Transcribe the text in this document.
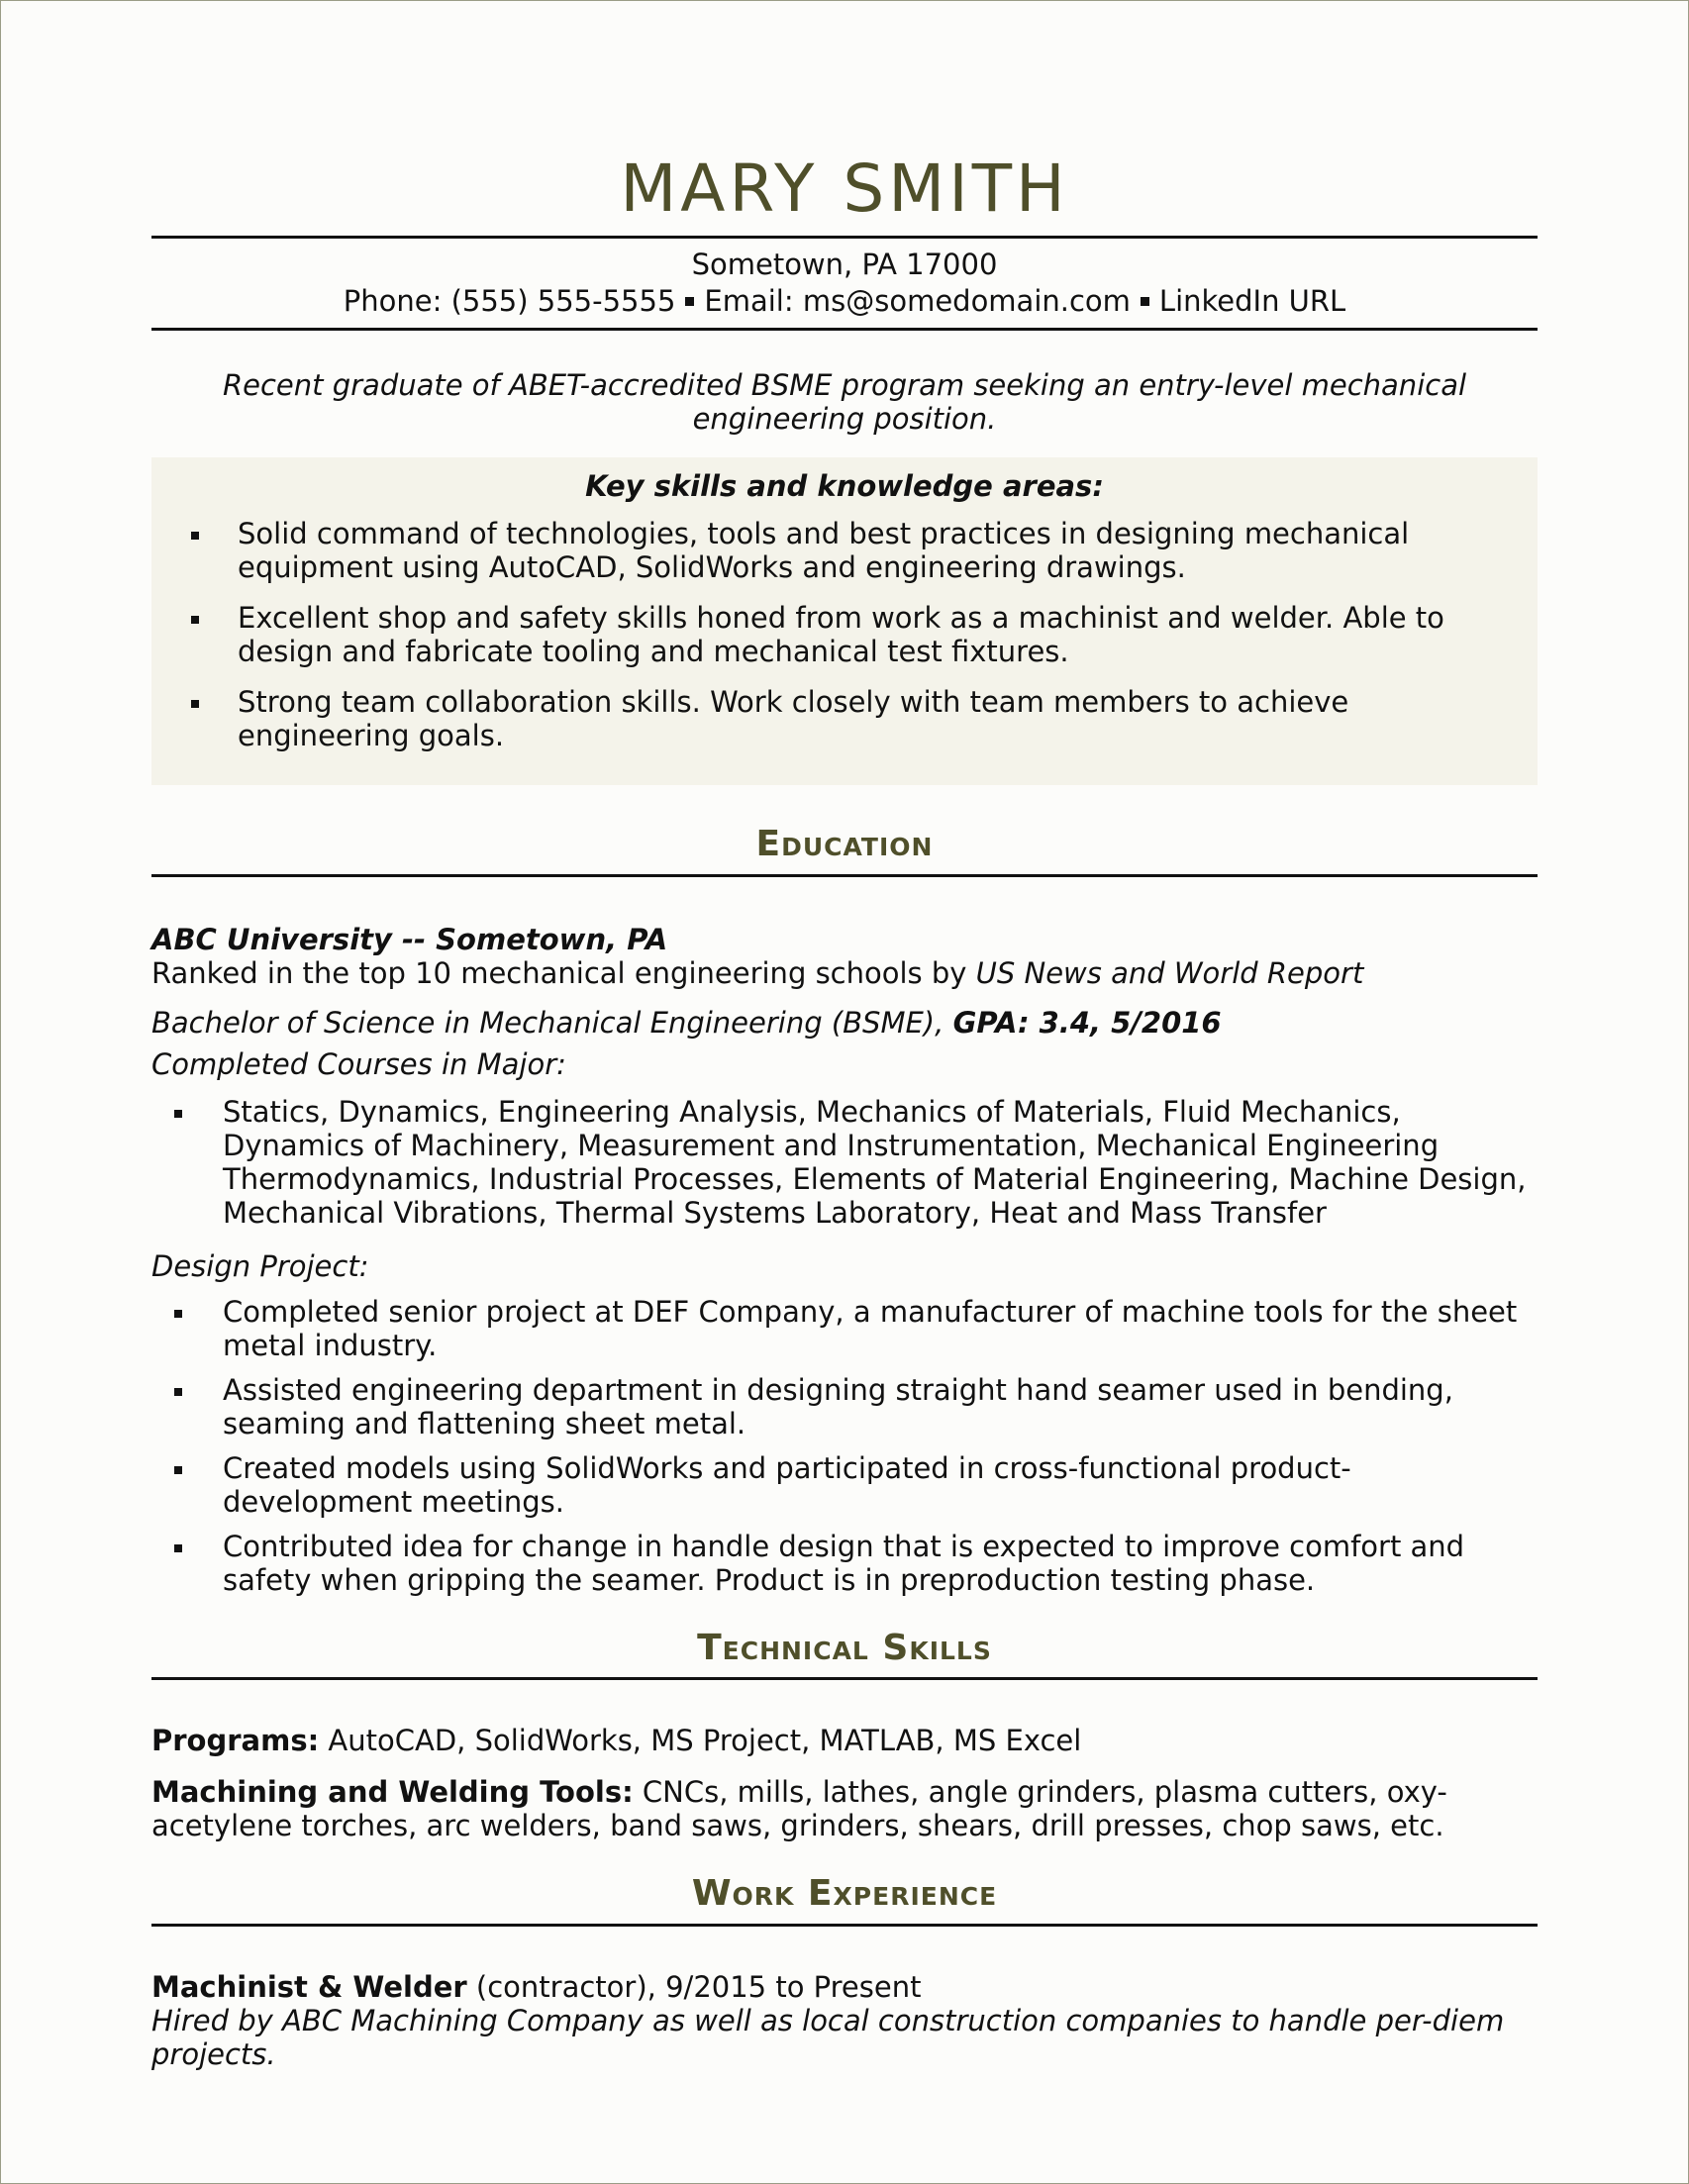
MARY SMITH
Sometown, PA 17000
Phone: (555) 555-5555 Email: ms@somedomain.com LinkedIn URL
Recent graduate of ABET-accredited BSME program seeking an entry-level mechanical engineering position.
Key skills and knowledge areas:
Solid command of technologies, tools and best practices in designing mechanical equipment using AutoCAD, SolidWorks and engineering drawings.
Excellent shop and safety skills honed from work as a machinist and welder. Able to design and fabricate tooling and mechanical test fixtures.
Strong team collaboration skills. Work closely with team members to achieve engineering goals.
Education
ABC University -- Sometown, PA
Ranked in the top 10 mechanical engineering schools by US News and World Report
Bachelor of Science in Mechanical Engineering (BSME), GPA: 3.4, 5/2016
Completed Courses in Major:
Statics, Dynamics, Engineering Analysis, Mechanics of Materials, Fluid Mechanics, Dynamics of Machinery, Measurement and Instrumentation, Mechanical Engineering Thermodynamics, Industrial Processes, Elements of Material Engineering, Machine Design, Mechanical Vibrations, Thermal Systems Laboratory, Heat and Mass Transfer
Design Project:
Completed senior project at DEF Company, a manufacturer of machine tools for the sheet metal industry.
Assisted engineering department in designing straight hand seamer used in bending, seaming and flattening sheet metal.
Created models using SolidWorks and participated in cross-functional product-development meetings.
Contributed idea for change in handle design that is expected to improve comfort and safety when gripping the seamer. Product is in preproduction testing phase.
Technical Skills
Programs: AutoCAD, SolidWorks, MS Project, MATLAB, MS Excel
Machining and Welding Tools: CNCs, mills, lathes, angle grinders, plasma cutters, oxy-acetylene torches, arc welders, band saws, grinders, shears, drill presses, chop saws, etc.
Work Experience
Machinist & Welder (contractor), 9/2015 to Present
Hired by ABC Machining Company as well as local construction companies to handle per-diem projects.
